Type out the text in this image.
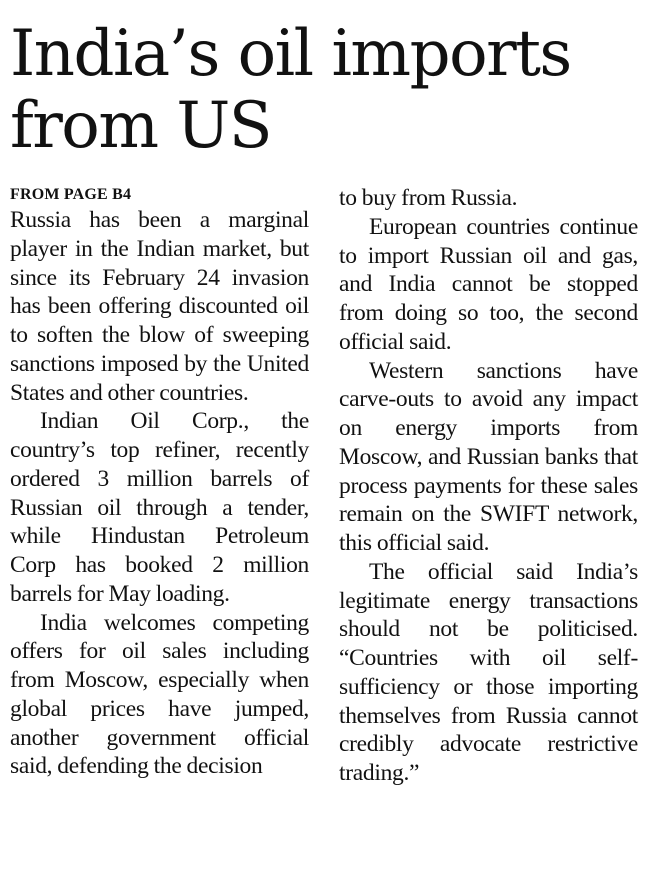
India’s oil imports from US
FROM PAGE B4

Russia has been a marginal player in the Indian market, but since its February 24 invasion has been offering discounted oil to soften the blow of sweeping sanctions imposed by the United States and other countries.

Indian Oil Corp., the country’s top refiner, recently ordered 3 million barrels of Russian oil through a tender, while Hindustan Petroleum Corp has booked 2 million barrels for May loading.

India welcomes competing offers for oil sales including from Moscow, especially when global prices have jumped, another government official said, defending the decision

to buy from Russia.

European countries continue to import Russian oil and gas, and India cannot be stopped from doing so too, the second official said.

Western sanctions have carve-outs to avoid any impact on energy imports from Moscow, and Russian banks that process payments for these sales remain on the SWIFT network, this official said.

The official said India’s legitimate energy transactions should not be politicised. “Countries with oil self-sufficiency or those importing themselves from Russia cannot credibly advocate restrictive trading.”
